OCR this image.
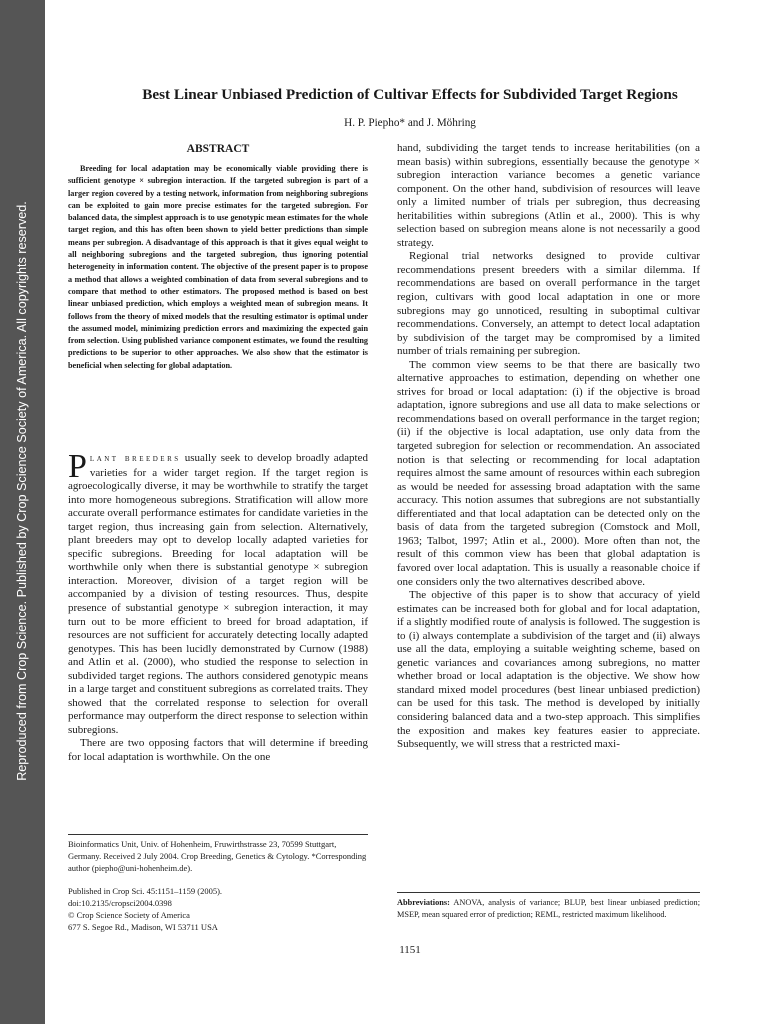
Reproduced from Crop Science. Published by Crop Science Society of America. All copyrights reserved.
Best Linear Unbiased Prediction of Cultivar Effects for Subdivided Target Regions
H. P. Piepho* and J. Möhring
ABSTRACT

Breeding for local adaptation may be economically viable providing there is sufficient genotype × subregion interaction. If the targeted subregion is part of a larger region covered by a testing network, information from neighboring subregions can be exploited to gain more precise estimates for the targeted subregion. For balanced data, the simplest approach is to use genotypic mean estimates for the whole target region, and this has often been shown to yield better predictions than simple means per subregion. A disadvantage of this approach is that it gives equal weight to all neighboring subregions and the targeted subregion, thus ignoring potential heterogeneity in information content. The objective of the present paper is to propose a method that allows a weighted combination of data from several subregions and to compare that method to other estimators. The proposed method is based on best linear unbiased prediction, which employs a weighted mean of subregion means. It follows from the theory of mixed models that the resulting estimator is optimal under the assumed model, minimizing prediction errors and maximizing the expected gain from selection. Using published variance component estimates, we found the resulting predictions to be superior to other approaches. We also show that the estimator is beneficial when selecting for global adaptation.

Plant breeders usually seek to develop broadly adapted varieties for a wider target region. If the target region is agroecologically diverse, it may be worthwhile to stratify the target into more homogeneous subregions. Stratification will allow more accurate overall performance estimates for candidate varieties in the target region, thus increasing gain from selection. Alternatively, plant breeders may opt to develop locally adapted varieties for specific subregions. Breeding for local adaptation will be worthwhile only when there is substantial genotype × subregion interaction. Moreover, division of a target region will be accompanied by a division of testing resources. Thus, despite presence of substantial genotype × subregion interaction, it may turn out to be more efficient to breed for broad adaptation, if resources are not sufficient for accurately detecting locally adapted genotypes. This has been lucidly demonstrated by Curnow (1988) and Atlin et al. (2000), who studied the response to selection in subdivided target regions. The authors considered genotypic means in a large target and constituent subregions as correlated traits. They showed that the correlated response to selection for overall performance may outperform the direct response to selection within subregions.

There are two opposing factors that will determine if breeding for local adaptation is worthwhile. On the one

Bioinformatics Unit, Univ. of Hohenheim, Fruwirthstrasse 23, 70599 Stuttgart, Germany. Received 2 July 2004. Crop Breeding, Genetics & Cytology. *Corresponding author (piepho@uni-hohenheim.de).
Published in Crop Sci. 45:1151–1159 (2005).
doi:10.2135/cropsci2004.0398
© Crop Science Society of America
677 S. Segoe Rd., Madison, WI 53711 USA

hand, subdividing the target tends to increase heritabilities (on a mean basis) within subregions, essentially because the genotype × subregion interaction variance becomes a genetic variance component. On the other hand, subdivision of resources will leave only a limited number of trials per subregion, thus decreasing heritabilities within subregions (Atlin et al., 2000). This is why selection based on subregion means alone is not necessarily a good strategy.

Regional trial networks designed to provide cultivar recommendations present breeders with a similar dilemma. If recommendations are based on overall performance in the target region, cultivars with good local adaptation in one or more subregions may go unnoticed, resulting in suboptimal cultivar recommendations. Conversely, an attempt to detect local adaptation by subdivision of the target may be compromised by a limited number of trials remaining per subregion.

The common view seems to be that there are basically two alternative approaches to estimation, depending on whether one strives for broad or local adaptation: (i) if the objective is broad adaptation, ignore subregions and use all data to make selections or recommendations based on overall performance in the target region; (ii) if the objective is local adaptation, use only data from the targeted subregion for selection or recommendation. An associated notion is that selecting or recommending for local adaptation requires almost the same amount of resources within each subregion as would be needed for assessing broad adaptation with the same accuracy. This notion assumes that subregions are not substantially differentiated and that local adaptation can be detected only on the basis of data from the targeted subregion (Comstock and Moll, 1963; Talbot, 1997; Atlin et al., 2000). More often than not, the result of this common view has been that global adaptation is favored over local adaptation. This is usually a reasonable choice if one considers only the two alternatives described above.

The objective of this paper is to show that accuracy of yield estimates can be increased both for global and for local adaptation, if a slightly modified route of analysis is followed. The suggestion is to (i) always contemplate a subdivision of the target and (ii) always use all the data, employing a suitable weighting scheme, based on genetic variances and covariances among subregions, no matter whether broad or local adaptation is the objective. We show how standard mixed model procedures (best linear unbiased prediction) can be used for this task. The method is developed by initially considering balanced data and a two-step approach. This simplifies the exposition and makes key features easier to appreciate. Subsequently, we will stress that a restricted maxi-

Abbreviations: ANOVA, analysis of variance; BLUP, best linear unbiased prediction; MSEP, mean squared error of prediction; REML, restricted maximum likelihood.
1151
